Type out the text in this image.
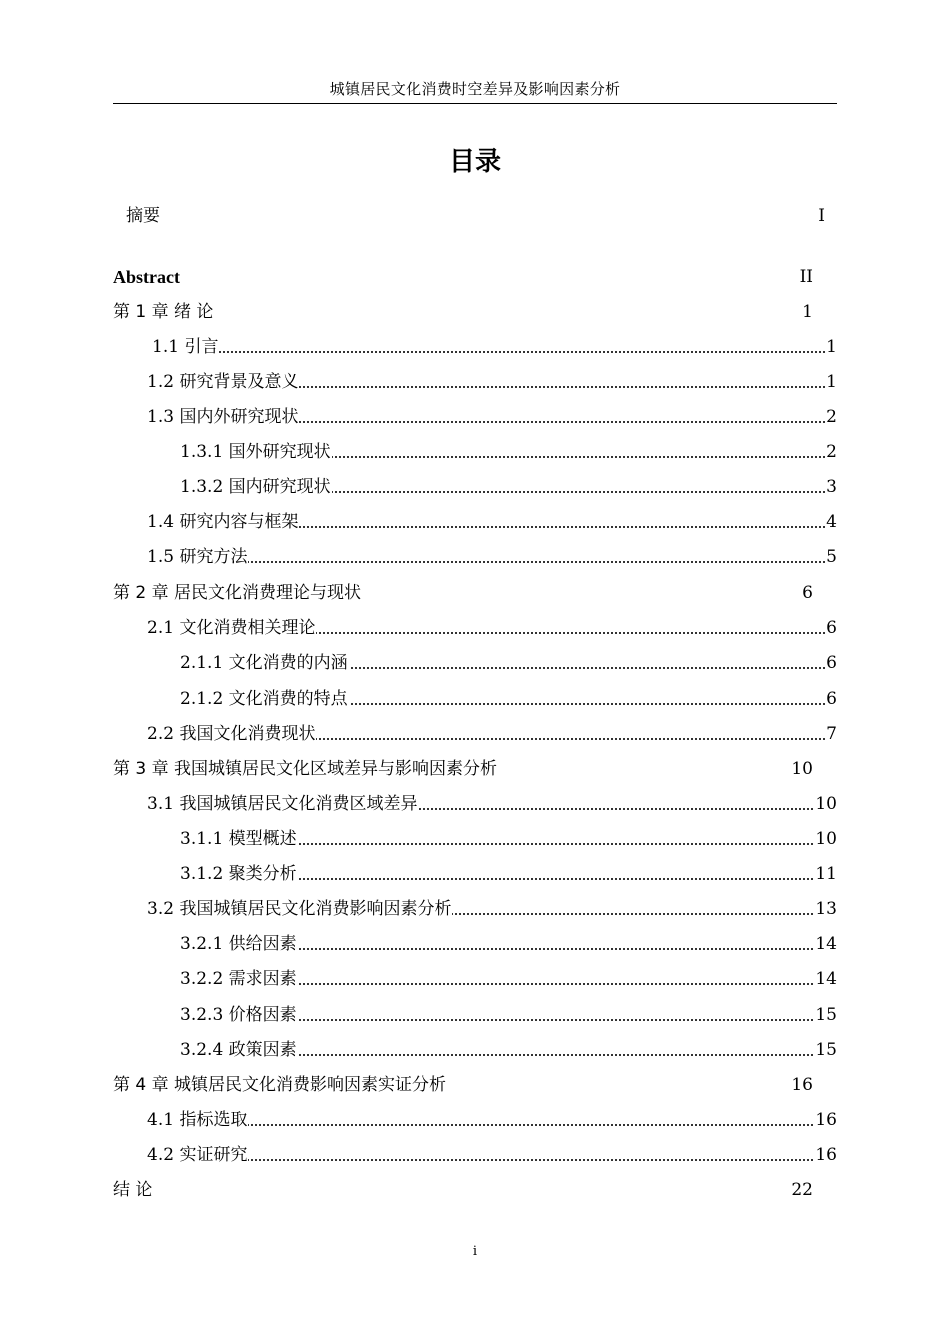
城镇居民文化消费时空差异及影响因素分析
目录
摘要	I
Abstract	II
第 1 章 绪 论	1
1.1 引言	1
1.2 研究背景及意义	1
1.3 国内外研究现状	2
1.3.1 国外研究现状	2
1.3.2 国内研究现状	3
1.4 研究内容与框架	4
1.5 研究方法	5
第 2 章 居民文化消费理论与现状	6
2.1 文化消费相关理论	6
2.1.1 文化消费的内涵	6
2.1.2 文化消费的特点	6
2.2 我国文化消费现状	7
第 3 章 我国城镇居民文化区域差异与影响因素分析	10
3.1 我国城镇居民文化消费区域差异	10
3.1.1 模型概述	10
3.1.2 聚类分析	11
3.2 我国城镇居民文化消费影响因素分析	13
3.2.1 供给因素	14
3.2.2 需求因素	14
3.2.3 价格因素	15
3.2.4 政策因素	15
第 4 章 城镇居民文化消费影响因素实证分析	16
4.1 指标选取	16
4.2 实证研究	16
结 论	22
i
